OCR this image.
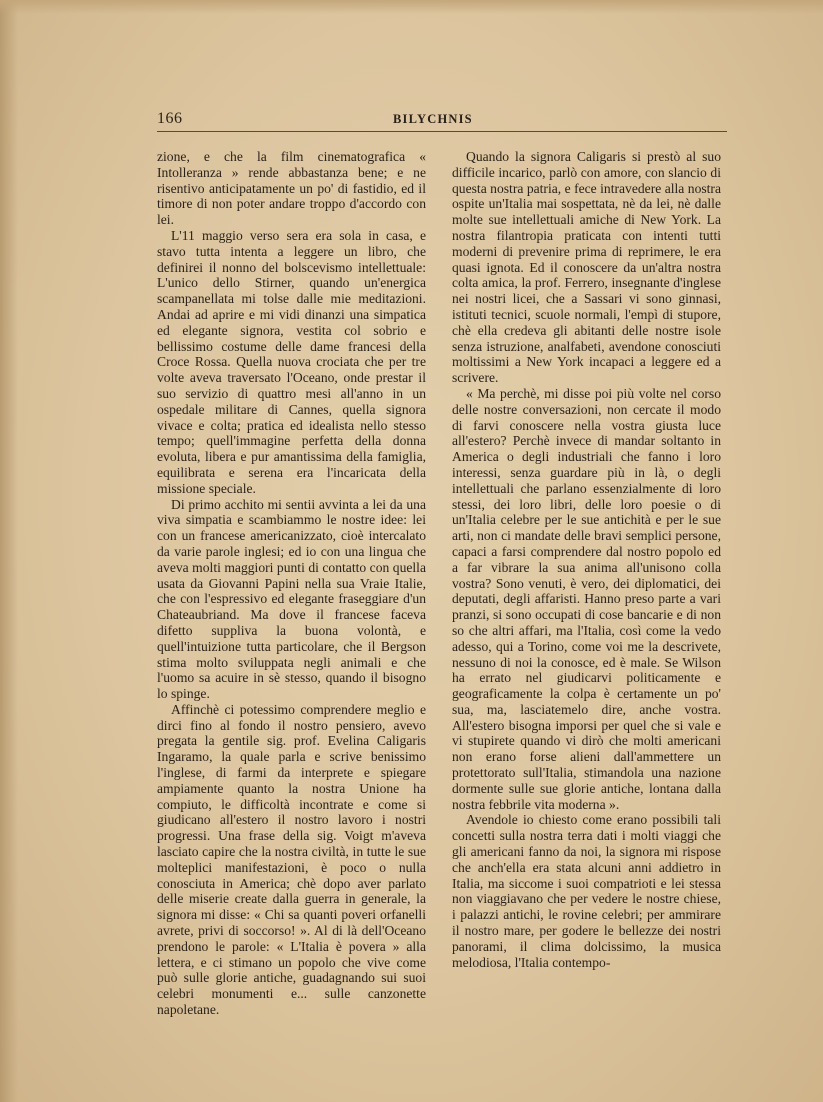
166	BILYCHNIS

zione, e che la film cinematografica « Intolleranza » rende abbastanza bene; e ne risentivo anticipatamente un po' di fastidio, ed il timore di non poter andare troppo d'accordo con lei.

L'11 maggio verso sera era sola in casa, e stavo tutta intenta a leggere un libro, che definirei il nonno del bolscevismo intellettuale: L'unico dello Stirner, quando un'energica scampanellata mi tolse dalle mie meditazioni. Andai ad aprire e mi vidi dinanzi una simpatica ed elegante signora, vestita col sobrio e bellissimo costume delle dame francesi della Croce Rossa. Quella nuova crociata che per tre volte aveva traversato l'Oceano, onde prestar il suo servizio di quattro mesi all'anno in un ospedale militare di Cannes, quella signora vivace e colta; pratica ed idealista nello stesso tempo; quell'immagine perfetta della donna evoluta, libera e pur amantissima della famiglia, equilibrata e serena era l'incaricata della missione speciale.

Di primo acchito mi sentii avvinta a lei da una viva simpatia e scambiammo le nostre idee: lei con un francese americanizzato, cioè intercalato da varie parole inglesi; ed io con una lingua che aveva molti maggiori punti di contatto con quella usata da Giovanni Papini nella sua Vraie Italie, che con l'espressivo ed elegante fraseggiare d'un Chateaubriand. Ma dove il francese faceva difetto suppliva la buona volontà, e quell'intuizione tutta particolare, che il Bergson stima molto sviluppata negli animali e che l'uomo sa acuire in sè stesso, quando il bisogno lo spinge.

Affinchè ci potessimo comprendere meglio e dirci fino al fondo il nostro pensiero, avevo pregata la gentile sig. prof. Evelina Caligaris Ingaramo, la quale parla e scrive benissimo l'inglese, di farmi da interprete e spiegare ampiamente quanto la nostra Unione ha compiuto, le difficoltà incontrate e come si giudicano all'estero il nostro lavoro i nostri progressi. Una frase della sig. Voigt m'aveva lasciato capire che la nostra civiltà, in tutte le sue molteplici manifestazioni, è poco o nulla conosciuta in America; chè dopo aver parlato delle miserie create dalla guerra in generale, la signora mi disse: « Chi sa quanti poveri orfanelli avrete, privi di soccorso! ». Al di là dell'Oceano prendono le parole: « L'Italia è povera » alla lettera, e ci stimano un popolo che vive come può sulle glorie antiche, guadagnando sui suoi celebri monumenti e... sulle canzonette napoletane.

Quando la signora Caligaris si prestò al suo difficile incarico, parlò con amore, con slancio di questa nostra patria, e fece intravedere alla nostra ospite un'Italia mai sospettata, nè da lei, nè dalle molte sue intellettuali amiche di New York. La nostra filantropia praticata con intenti tutti moderni di prevenire prima di reprimere, le era quasi ignota. Ed il conoscere da un'altra nostra colta amica, la prof. Ferrero, insegnante d'inglese nei nostri licei, che a Sassari vi sono ginnasi, istituti tecnici, scuole normali, l'empì di stupore, chè ella credeva gli abitanti delle nostre isole senza istruzione, analfabeti, avendone conosciuti moltissimi a New York incapaci a leggere ed a scrivere.

« Ma perchè, mi disse poi più volte nel corso delle nostre conversazioni, non cercate il modo di farvi conoscere nella vostra giusta luce all'estero? Perchè invece di mandar soltanto in America o degli industriali che fanno i loro interessi, senza guardare più in là, o degli intellettuali che parlano essenzialmente di loro stessi, dei loro libri, delle loro poesie o di un'Italia celebre per le sue antichità e per le sue arti, non ci mandate delle bravi semplici persone, capaci a farsi comprendere dal nostro popolo ed a far vibrare la sua anima all'unisono colla vostra? Sono venuti, è vero, dei diplomatici, dei deputati, degli affaristi. Hanno preso parte a vari pranzi, si sono occupati di cose bancarie e di non so che altri affari, ma l'Italia, così come la vedo adesso, qui a Torino, come voi me la descrivete, nessuno di noi la conosce, ed è male. Se Wilson ha errato nel giudicarvi politicamente e geograficamente la colpa è certamente un po' sua, ma, lasciatemelo dire, anche vostra. All'estero bisogna imporsi per quel che si vale e vi stupirete quando vi dirò che molti americani non erano forse alieni dall'ammettere un protettorato sull'Italia, stimandola una nazione dormente sulle sue glorie antiche, lontana dalla nostra febbrile vita moderna ».

Avendole io chiesto come erano possibili tali concetti sulla nostra terra dati i molti viaggi che gli americani fanno da noi, la signora mi rispose che anch'ella era stata alcuni anni addietro in Italia, ma siccome i suoi compatrioti e lei stessa non viaggiavano che per vedere le nostre chiese, i palazzi antichi, le rovine celebri; per ammirare il nostro mare, per godere le bellezze dei nostri panorami, il clima dolcissimo, la musica melodiosa, l'Italia contempo-
